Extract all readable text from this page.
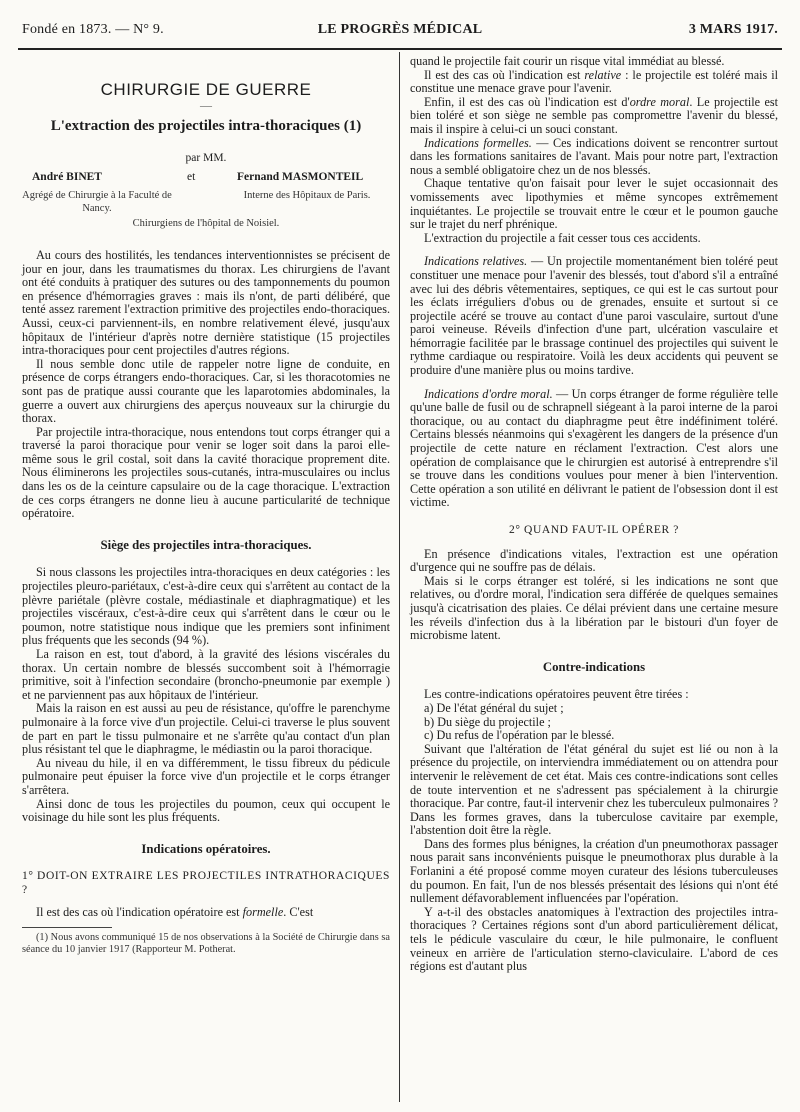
Fondé en 1873. — N° 9.	LE PROGRÈS MÉDICAL	3 MARS 1917.
CHIRURGIE DE GUERRE
—
L'extraction des projectiles intra-thoraciques (1)
par MM.
André BINET	et	Fernand MASMONTEIL
Agrégé de Chirurgie à la Faculté de Nancy.
Interne des Hôpitaux de Paris.
Chirurgiens de l'hôpital de Noisiel.

Au cours des hostilités, les tendances interventionnistes se précisent de jour en jour, dans les traumatismes du thorax. Les chirurgiens de l'avant ont été conduits à pratiquer des sutures ou des tamponnements du poumon en présence d'hémorragies graves : mais ils n'ont, de parti délibéré, que tenté assez rarement l'extraction primitive des projectiles endo-thoraciques. Aussi, ceux-ci parviennent-ils, en nombre relativement élevé, jusqu'aux hôpitaux de l'intérieur d'après notre dernière statistique (15 projectiles intra-thoraciques pour cent projectiles d'autres régions.

Il nous semble donc utile de rappeler notre ligne de conduite, en présence de corps étrangers endo-thoraciques. Car, si les thoracotomies ne sont pas de pratique aussi courante que les laparotomies abdominales, la guerre a ouvert aux chirurgiens des aperçus nouveaux sur la chirurgie du thorax.

Par projectile intra-thoracique, nous entendons tout corps étranger qui a traversé la paroi thoracique pour venir se loger soit dans la paroi elle-même sous le gril costal, soit dans la cavité thoracique proprement dite. Nous éliminerons les projectiles sous-cutanés, intra-musculaires ou inclus dans les os de la ceinture capsulaire ou de la cage thoracique. L'extraction de ces corps étrangers ne donne lieu à aucune particularité de technique opératoire.

Siège des projectiles intra-thoraciques.

Si nous classons les projectiles intra-thoraciques en deux catégories : les projectiles pleuro-pariétaux, c'est-à-dire ceux qui s'arrêtent au contact de la plèvre pariétale (plèvre costale, médiastinale et diaphragmatique) et les projectiles viscéraux, c'est-à-dire ceux qui s'arrêtent dans le cœur ou le poumon, notre statistique nous indique que les premiers sont infiniment plus fréquents que les seconds (94 %).

La raison en est, tout d'abord, à la gravité des lésions viscérales du thorax. Un certain nombre de blessés succombent soit à l'hémorragie primitive, soit à l'infection secondaire (broncho-pneumonie par exemple ) et ne parviennent pas aux hôpitaux de l'intérieur.

Mais la raison en est aussi au peu de résistance, qu'offre le parenchyme pulmonaire à la force vive d'un projectile. Celui-ci traverse le plus souvent de part en part le tissu pulmonaire et ne s'arrête qu'au contact d'un plan plus résistant tel que le diaphragme, le médiastin ou la paroi thoracique.

Au niveau du hile, il en va différemment, le tissu fibreux du pédicule pulmonaire peut épuiser la force vive d'un projectile et le corps étranger s'arrêtera.

Ainsi donc de tous les projectiles du poumon, ceux qui occupent le voisinage du hile sont les plus fréquents.

Indications opératoires.

1° DOIT-ON EXTRAIRE LES PROJECTILES INTRATHORACIQUES ?

Il est des cas où l'indication opératoire est formelle. C'est

(1) Nous avons communiqué 15 de nos observations à la Société de Chirurgie dans sa séance du 10 janvier 1917 (Rapporteur M. Potherat.

quand le projectile fait courir un risque vital immédiat au blessé.

Il est des cas où l'indication est relative : le projectile est toléré mais il constitue une menace grave pour l'avenir.

Enfin, il est des cas où l'indication est d'ordre moral. Le projectile est bien toléré et son siège ne semble pas compromettre l'avenir du blessé, mais il inspire à celui-ci un souci constant.

Indications formelles. — Ces indications doivent se rencontrer surtout dans les formations sanitaires de l'avant. Mais pour notre part, l'extraction nous a semblé obligatoire chez un de nos blessés.

Chaque tentative qu'on faisait pour lever le sujet occasionnait des vomissements avec lipothymies et même syncopes extrêmement inquiétantes. Le projectile se trouvait entre le cœur et le poumon gauche sur le trajet du nerf phrénique.

L'extraction du projectile a fait cesser tous ces accidents.

Indications relatives. — Un projectile momentanément bien toléré peut constituer une menace pour l'avenir des blessés, tout d'abord s'il a entraîné avec lui des débris vêtementaires, septiques, ce qui est le cas surtout pour les éclats irréguliers d'obus ou de grenades, ensuite et surtout si ce projectile acéré se trouve au contact d'une paroi vasculaire, surtout d'une paroi veineuse. Réveils d'infection d'une part, ulcération vasculaire et hémorragie facilitée par le brassage continuel des projectiles qui suivent le rythme cardiaque ou respiratoire. Voilà les deux accidents qui peuvent se produire d'une manière plus ou moins tardive.

Indications d'ordre moral. — Un corps étranger de forme régulière telle qu'une balle de fusil ou de schrapnell siégeant à la paroi interne de la paroi thoracique, ou au contact du diaphragme peut être indéfiniment toléré. Certains blessés néanmoins qui s'exagèrent les dangers de la présence d'un projectile de cette nature en réclament l'extraction. C'est alors une opération de complaisance que le chirurgien est autorisé à entreprendre s'il se trouve dans les conditions voulues pour mener à bien l'intervention. Cette opération a son utilité en délivrant le patient de l'obsession dont il est victime.

2° QUAND FAUT-IL OPÉRER ?

En présence d'indications vitales, l'extraction est une opération d'urgence qui ne souffre pas de délais.

Mais si le corps étranger est toléré, si les indications ne sont que relatives, ou d'ordre moral, l'indication sera différée de quelques semaines jusqu'à cicatrisation des plaies. Ce délai prévient dans une certaine mesure les réveils d'infection dus à la libération par le bistouri d'un foyer de microbisme latent.

Contre-indications

Les contre-indications opératoires peuvent être tirées :

a) De l'état général du sujet ;

b) Du siège du projectile ;

c) Du refus de l'opération par le blessé.

Suivant que l'altération de l'état général du sujet est lié ou non à la présence du projectile, on interviendra immédiatement ou on attendra pour intervenir le relèvement de cet état. Mais ces contre-indications sont celles de toute intervention et ne s'adressent pas spécialement à la chirurgie thoracique. Par contre, faut-il intervenir chez les tuberculeux pulmonaires ? Dans les formes graves, dans la tuberculose cavitaire par exemple, l'abstention doit être la règle.

Dans des formes plus bénignes, la création d'un pneumothorax passager nous parait sans inconvénients puisque le pneumothorax plus durable à la Forlanini a été proposé comme moyen curateur des lésions tuberculeuses du poumon. En fait, l'un de nos blessés présentait des lésions qui n'ont été nullement défavorablement influencées par l'opération.

Y a-t-il des obstacles anatomiques à l'extraction des projectiles intra-thoraciques ? Certaines régions sont d'un abord particulièrement délicat, tels le pédicule vasculaire du cœur, le hile pulmonaire, le confluent veineux en arrière de l'articulation sterno-claviculaire. L'abord de ces régions est d'autant plus
